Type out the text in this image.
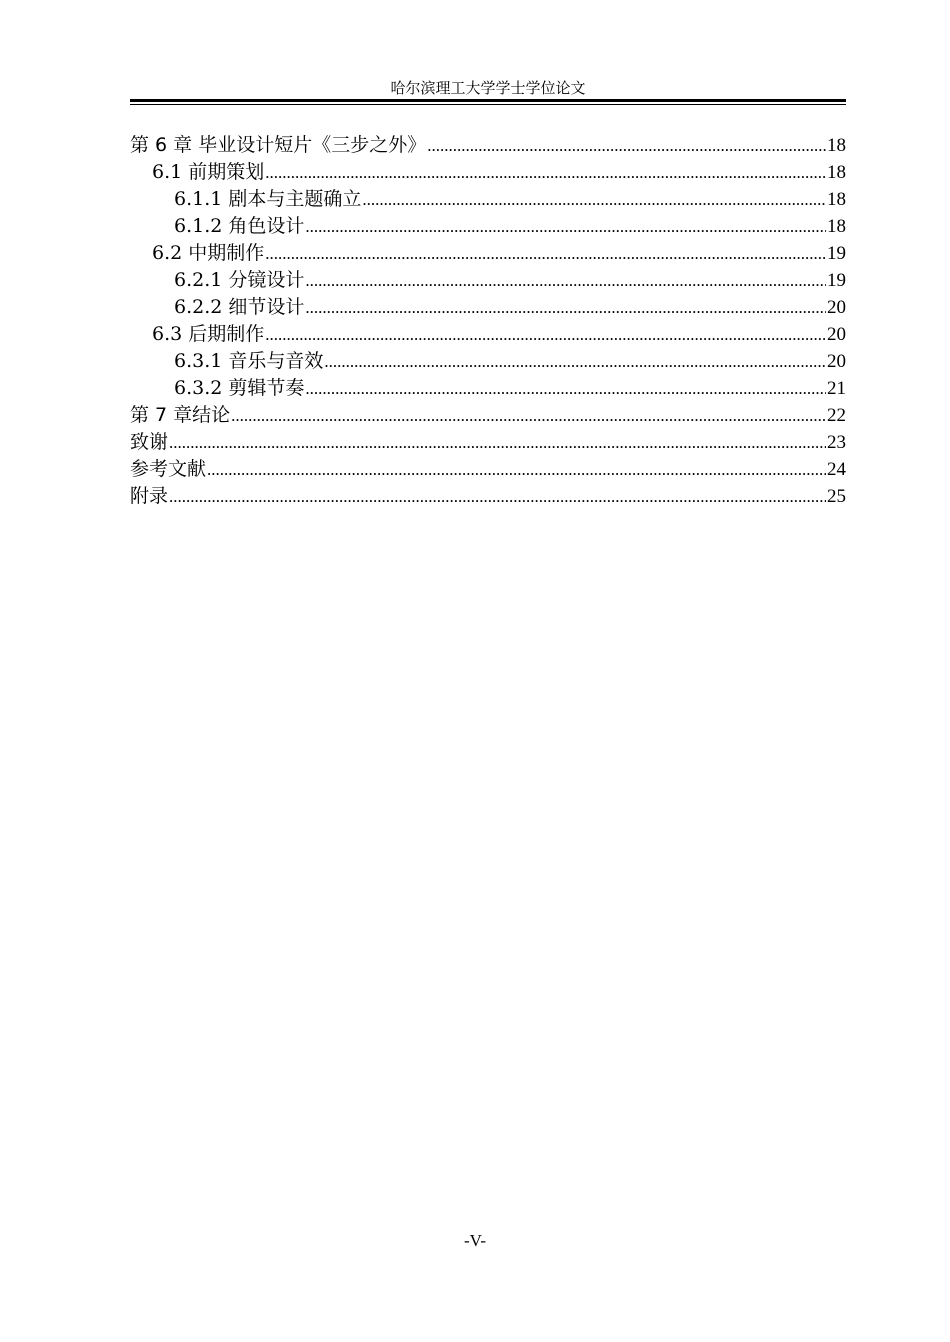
哈尔滨理工大学学士学位论文
第 6 章 毕业设计短片《三步之外》 .....	18
6.1 前期策划 .....	18
6.1.1 剧本与主题确立 .....	18
6.1.2 角色设计 .....	18
6.2 中期制作 .....	19
6.2.1 分镜设计 .....	19
6.2.2 细节设计 .....	20
6.3 后期制作 .....	20
6.3.1 音乐与音效 .....	20
6.3.2 剪辑节奏 .....	21
第 7 章结论 .....	22
致谢 .....	23
参考文献 .....	24
附录 .....	25
-V-
